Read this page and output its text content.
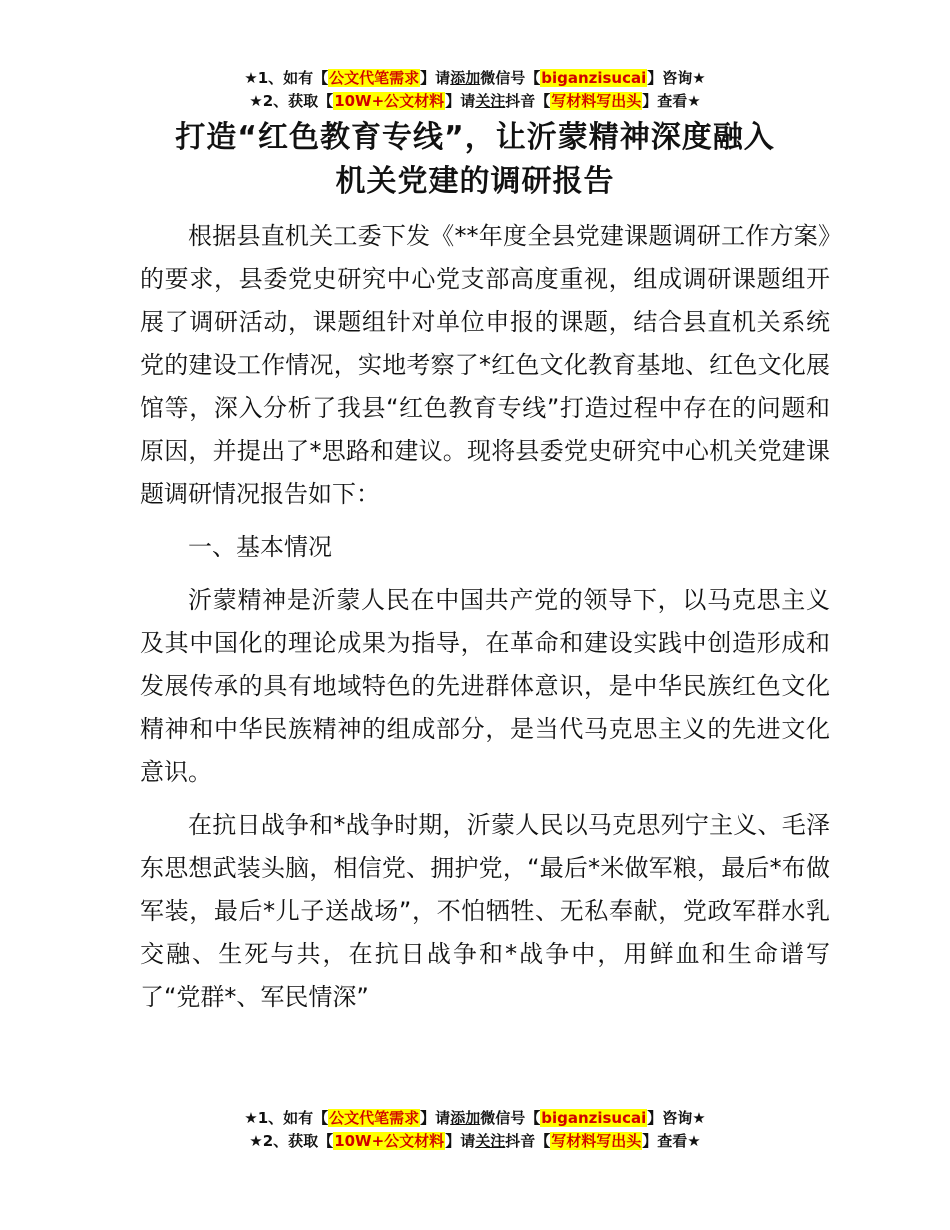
★1、如有【公文代笔需求】请添加微信号【biganzisucai】咨询★
★2、获取【10W+公文材料】请关注抖音【写材料写出头】查看★
打造“红色教育专线”，让沂蒙精神深度融入
机关党建的调研报告

根据县直机关工委下发《**年度全县党建课题调研工作方案》的要求，县委党史研究中心党支部高度重视，组成调研课题组开展了调研活动，课题组针对单位申报的课题，结合县直机关系统党的建设工作情况，实地考察了*红色文化教育基地、红色文化展馆等，深入分析了我县“红色教育专线”打造过程中存在的问题和原因，并提出了*思路和建议。现将县委党史研究中心机关党建课题调研情况报告如下：

一、基本情况

沂蒙精神是沂蒙人民在中国共产党的领导下，以马克思主义及其中国化的理论成果为指导，在革命和建设实践中创造形成和发展传承的具有地域特色的先进群体意识，是中华民族红色文化精神和中华民族精神的组成部分，是当代马克思主义的先进文化意识。

在抗日战争和*战争时期，沂蒙人民以马克思列宁主义、毛泽东思想武装头脑，相信党、拥护党，“最后*米做军粮，最后*布做军装，最后*儿子送战场”，不怕牺牲、无私奉献，党政军群水乳交融、生死与共，在抗日战争和*战争中，用鲜血和生命谱写了“党群*、军民情深”

★1、如有【公文代笔需求】请添加微信号【biganzisucai】咨询★
★2、获取【10W+公文材料】请关注抖音【写材料写出头】查看★
